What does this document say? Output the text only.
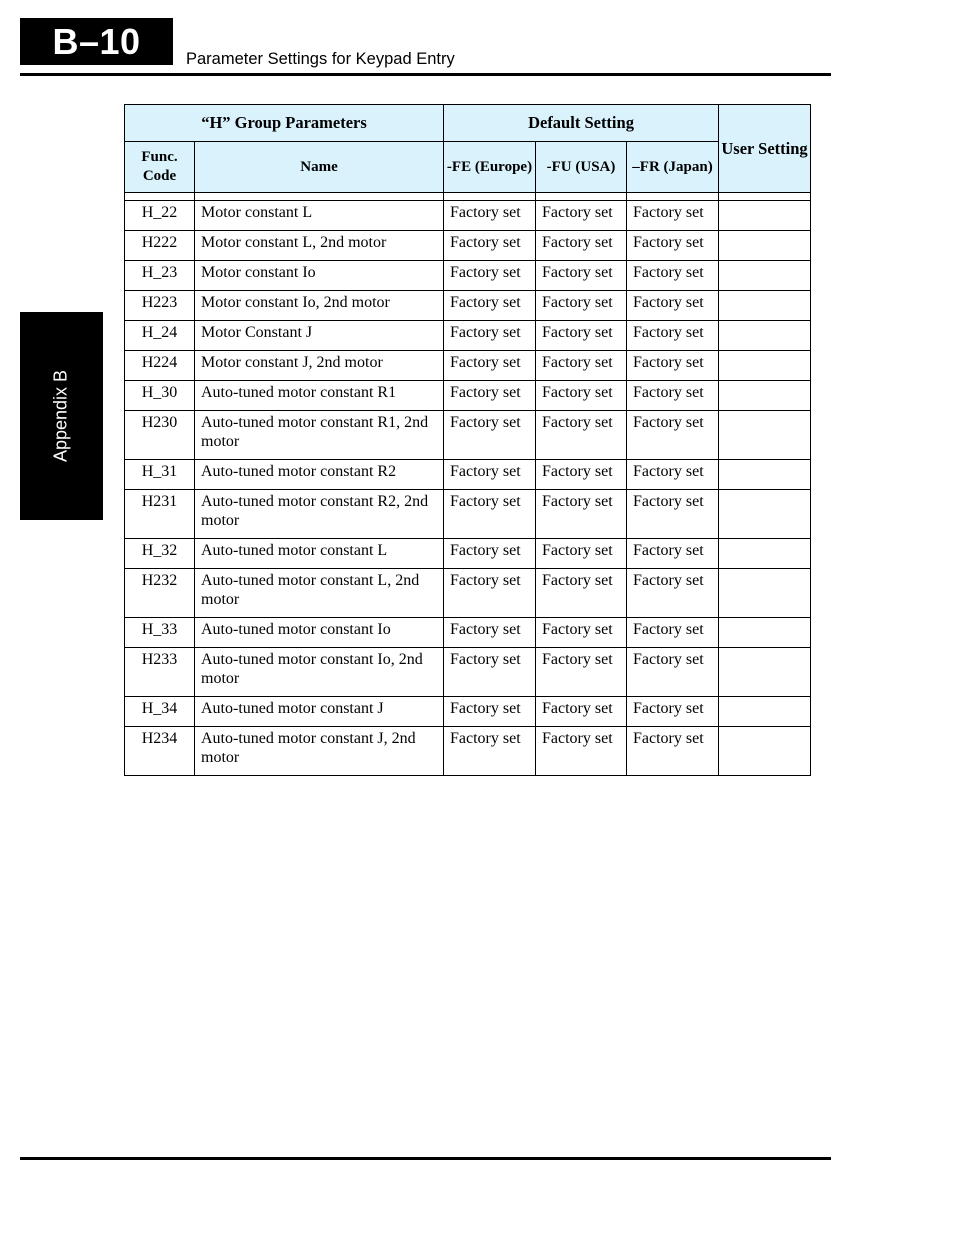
B–10	Parameter Settings for Keypad Entry
Appendix B
“H” Group Parameters		Default Setting			User Setting
Func. Code	Name	-FE (Europe)	-FU (USA)	–FR (Japan)	

H_22	Motor constant L	Factory set	Factory set	Factory set	
H222	Motor constant L, 2nd motor	Factory set	Factory set	Factory set	
H_23	Motor constant Io	Factory set	Factory set	Factory set	
H223	Motor constant Io, 2nd motor	Factory set	Factory set	Factory set	
H_24	Motor Constant J	Factory set	Factory set	Factory set	
H224	Motor constant J, 2nd motor	Factory set	Factory set	Factory set	
H_30	Auto-tuned motor constant R1	Factory set	Factory set	Factory set	
H230	Auto-tuned motor constant R1, 2nd motor	Factory set	Factory set	Factory set	
H_31	Auto-tuned motor constant R2	Factory set	Factory set	Factory set	
H231	Auto-tuned motor constant R2, 2nd motor	Factory set	Factory set	Factory set	
H_32	Auto-tuned motor constant L	Factory set	Factory set	Factory set	
H232	Auto-tuned motor constant L, 2nd motor	Factory set	Factory set	Factory set	
H_33	Auto-tuned motor constant Io	Factory set	Factory set	Factory set	
H233	Auto-tuned motor constant Io, 2nd motor	Factory set	Factory set	Factory set	
H_34	Auto-tuned motor constant J	Factory set	Factory set	Factory set	
H234	Auto-tuned motor constant J, 2nd motor	Factory set	Factory set	Factory set	
